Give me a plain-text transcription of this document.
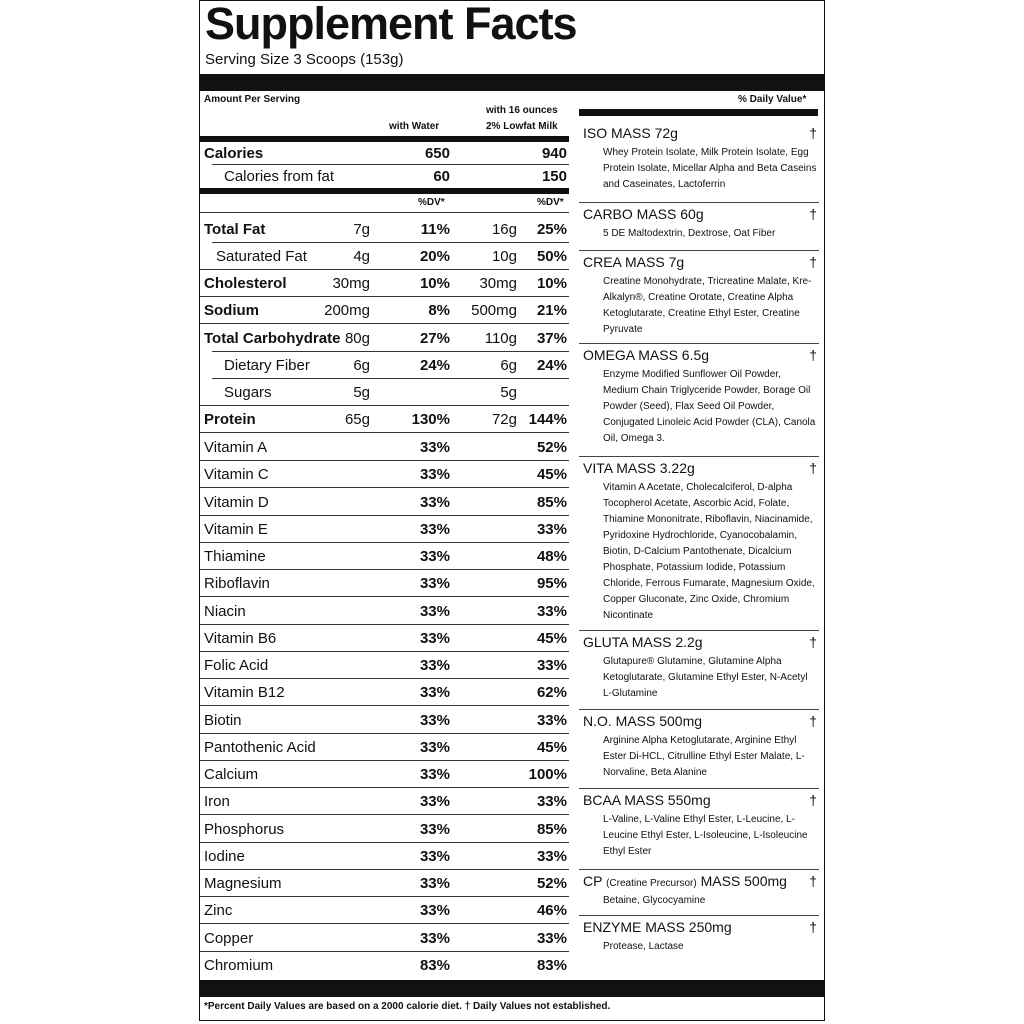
Supplement Facts
Serving Size 3 Scoops (153g)
Amount Per Serving
with Water
with 16 ounces
2% Lowfat Milk
Calories	650	940
Calories from fat	60	150
%DV*	%DV*
Total Fat	7g	11%	16g 25%
Saturated Fat	4g	20%	10g 50%
Cholesterol	30mg	10% 30mg 10%
Sodium	200mg	8% 500mg 21%
Total Carbohydrate 80g	27% 110g 37%
Dietary Fiber	6g	24%	6g 24%
Sugars	5g	5g
Protein	65g	130%	72g 144%
Vitamin A	33%	52%
Vitamin C	33%	45%
Vitamin D	33%	85%
Vitamin E	33%	33%
Thiamine	33%	48%
Riboflavin	33%	95%
Niacin	33%	33%
Vitamin B6	33%	45%
Folic Acid	33%	33%
Vitamin B12	33%	62%
Biotin	33%	33%
Pantothenic Acid	33%	45%
Calcium	33%	100%
Iron	33%	33%
Phosphorus	33%	85%
Iodine	33%	33%
Magnesium	33%	52%
Zinc	33%	46%
Copper	33%	33%
Chromium	83%	83%
% Daily Value*
ISO MASS 72g	†
Whey Protein Isolate, Milk Protein Isolate, Egg Protein Isolate, Micellar Alpha and Beta Caseins and Caseinates, Lactoferrin
CARBO MASS 60g	†
5 DE Maltodextrin, Dextrose, Oat Fiber
CREA MASS 7g	†
Creatine Monohydrate, Tricreatine Malate, Kre-Alkalyn®, Creatine Orotate, Creatine Alpha Ketoglutarate, Creatine Ethyl Ester, Creatine Pyruvate
OMEGA MASS 6.5g	†
Enzyme Modified Sunflower Oil Powder, Medium Chain Triglyceride Powder, Borage Oil Powder (Seed), Flax Seed Oil Powder, Conjugated Linoleic Acid Powder (CLA), Canola Oil, Omega 3.
VITA MASS 3.22g	†
Vitamin A Acetate, Cholecalciferol, D-alpha Tocopherol Acetate, Ascorbic Acid, Folate, Thiamine Mononitrate, Riboflavin, Niacinamide, Pyridoxine Hydrochloride, Cyanocobalamin, Biotin, D-Calcium Pantothenate, Dicalcium Phosphate, Potassium Iodide, Potassium Chloride, Ferrous Fumarate, Magnesium Oxide, Copper Gluconate, Zinc Oxide, Chromium Nicontinate
GLUTA MASS 2.2g	†
Glutapure® Glutamine, Glutamine Alpha Ketoglutarate, Glutamine Ethyl Ester, N-Acetyl L-Glutamine
N.O. MASS 500mg	†
Arginine Alpha Ketoglutarate, Arginine Ethyl Ester Di-HCL, Citrulline Ethyl Ester Malate, L-Norvaline, Beta Alanine
BCAA MASS 550mg	†
L-Valine, L-Valine Ethyl Ester, L-Leucine, L-Leucine Ethyl Ester, L-Isoleucine, L-Isoleucine Ethyl Ester
CP (Creatine Precursor) MASS 500mg †
Betaine, Glycocyamine
ENZYME MASS 250mg	†
Protease, Lactase
*Percent Daily Values are based on a 2000 calorie diet. † Daily Values not established.
